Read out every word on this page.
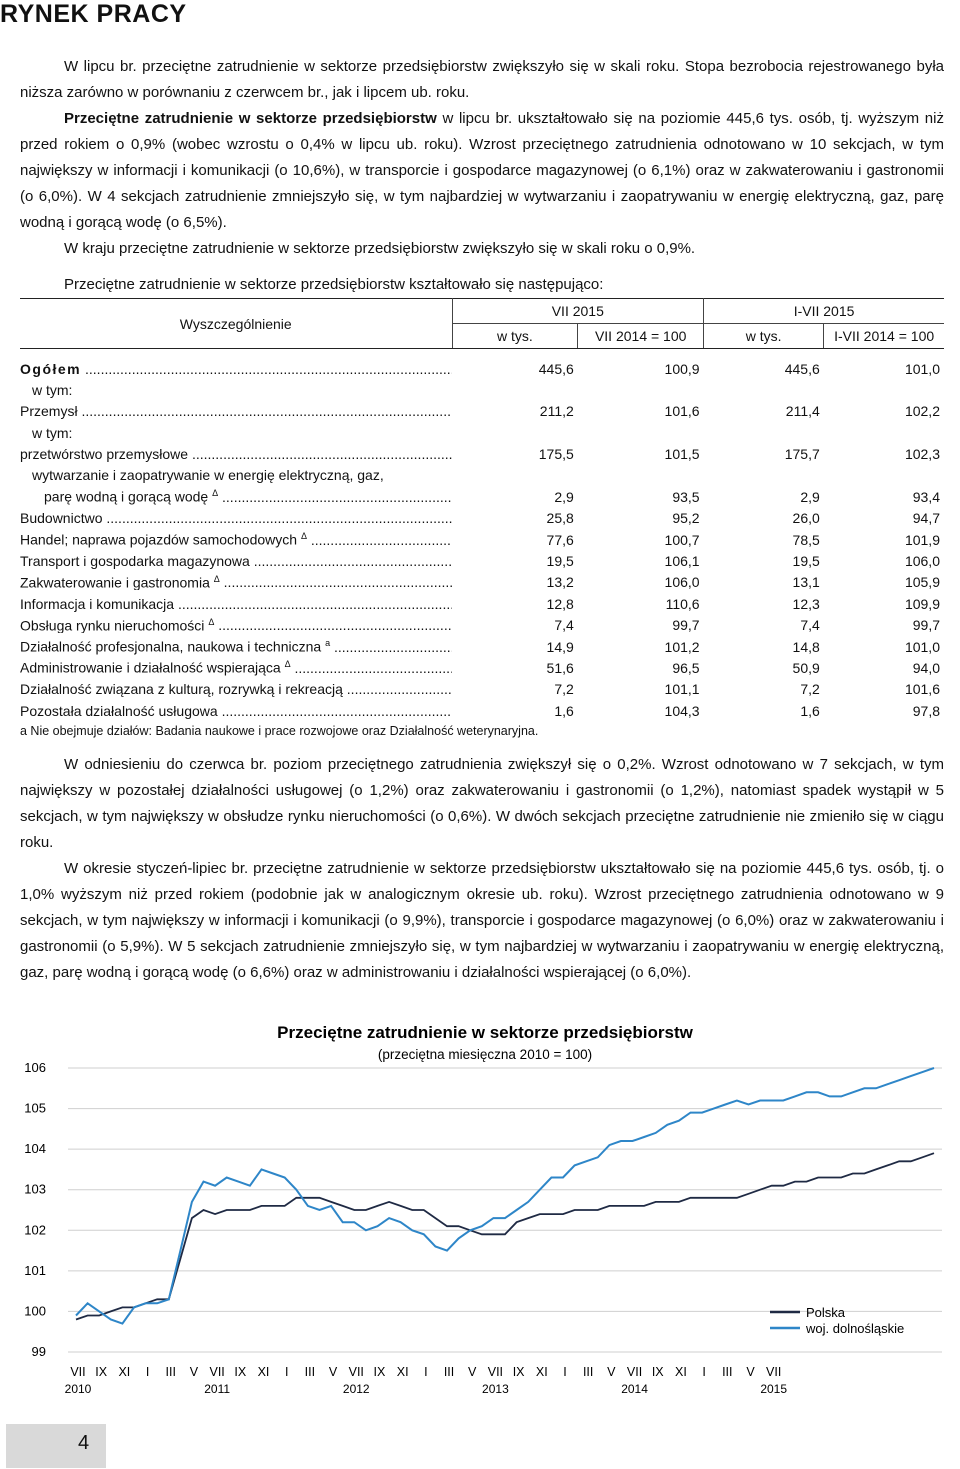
RYNEK PRACY

W lipcu br. przeciętne zatrudnienie w sektorze przedsiębiorstw zwiększyło się w skali roku. Stopa bezrobocia rejestrowanego była niższa zarówno w porównaniu z czerwcem br., jak i lipcem ub. roku.

Przeciętne zatrudnienie w sektorze przedsiębiorstw w lipcu br. ukształtowało się na poziomie 445,6 tys. osób, tj. wyższym niż przed rokiem o 0,9% (wobec wzrostu o 0,4% w lipcu ub. roku). Wzrost przeciętnego zatrudnienia odnotowano w 10 sekcjach, w tym największy w informacji i komunikacji (o 10,6%), w transporcie i gospodarce magazynowej (o 6,1%) oraz w zakwaterowaniu i gastronomii (o 6,0%). W 4 sekcjach zatrudnienie zmniejszyło się, w tym najbardziej w wytwarzaniu i zaopatrywaniu w energię elektryczną, gaz, parę wodną i gorącą wodę (o 6,5%).

W kraju przeciętne zatrudnienie w sektorze przedsiębiorstw zwiększyło się w skali roku o 0,9%.

Przeciętne zatrudnienie w sektorze przedsiębiorstw kształtowało się następująco:
Wyszczególnienie	VII 2015		I-VII 2015	
	w tys.	VII 2014 = 100	w tys.	I-VII 2014 = 100
Ogółem .....	445,6	100,9	445,6	101,0
w tym:				
Przemysł .....	211,2	101,6	211,4	102,2
w tym:				
przetwórstwo przemysłowe .....	175,5	101,5	175,7	102,3
wytwarzanie i zaopatrywanie w energię elektryczną, gaz,				
parę wodną i gorącą wodę $^\Delta$ .....	2,9	93,5	2,9	93,4
Budownictwo .....	25,8	95,2	26,0	94,7
Handel; naprawa pojazdów samochodowych $^\Delta$ .....	77,6	100,7	78,5	101,9
Transport i gospodarka magazynowa .....	19,5	106,1	19,5	106,0
Zakwaterowanie i gastronomia $^\Delta$ .....	13,2	106,0	13,1	105,9
Informacja i komunikacja .....	12,8	110,6	12,3	109,9
Obsługa rynku nieruchomości $^\Delta$ .....	7,4	99,7	7,4	99,7
Działalność profesjonalna, naukowa i techniczna $^a$ .....	14,9	101,2	14,8	101,0
Administrowanie i działalność wspierająca $^\Delta$ .....	51,6	96,5	50,9	94,0
Działalność związana z kulturą, rozrywką i rekreacją .....	7,2	101,1	7,2	101,6
Pozostała działalność usługowa .....	1,6	104,3	1,6	97,8
a Nie obejmuje działów: Badania naukowe i prace rozwojowe oraz Działalność weterynaryjna.

W odniesieniu do czerwca br. poziom przeciętnego zatrudnienia zwiększył się o 0,2%. Wzrost odnotowano w 7 sekcjach, w tym największy w pozostałej działalności usługowej (o 1,2%) oraz zakwaterowaniu i gastronomii (o 1,2%), natomiast spadek wystąpił w 5 sekcjach, w tym największy w obsłudze rynku nieruchomości (o 0,6%). W dwóch sekcjach przeciętne zatrudnienie nie zmieniło się w ciągu roku.

W okresie styczeń-lipiec br. przeciętne zatrudnienie w sektorze przedsiębiorstw ukształtowało się na poziomie 445,6 tys. osób, tj. o 1,0% wyższym niż przed rokiem (podobnie jak w analogicznym okresie ub. roku). Wzrost przeciętnego zatrudnienia odnotowano w 9 sekcjach, w tym największy w informacji i komunikacji (o 9,9%), transporcie i gospodarce magazynowej (o 6,0%) oraz w zakwaterowaniu i gastronomii (o 5,9%). W 5 sekcjach zatrudnienie zmniejszyło się, w tym najbardziej w wytwarzaniu i zaopatrywaniu w energię elektryczną, gaz, parę wodną i gorącą wodę (o 6,6%) oraz w administrowaniu i działalności wspierającej (o 6,0%).

Przeciętne zatrudnienie w sektorze przedsiębiorstw
(przeciętna miesięczna 2010 = 100)
106
105
104
103
102
101
100
99
VII IX XI I III V VII IX XI I III V VII IX XI I III V VII IX XI I III V VII IX XI I III V VII
2010	2011	2012	2013	2014	2015
Polska
woj. dolnośląskie
4
